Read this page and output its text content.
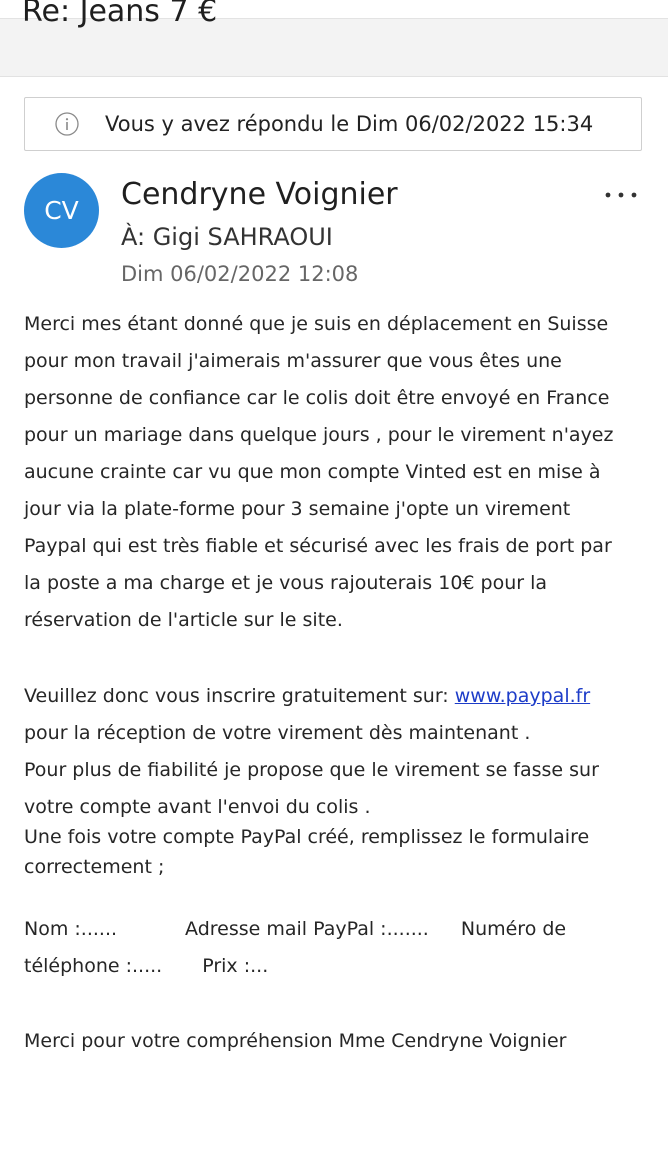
Re: Jeans 7 €
Vous y avez répondu le Dim 06/02/2022 15:34
CV Cendryne Voignier
À: Gigi SAHRAOUI
Dim 06/02/2022 12:08
Merci mes étant donné que je suis en déplacement en Suisse
pour mon travail j'aimerais m'assurer que vous êtes une
personne de confiance car le colis doit être envoyé en France
pour un mariage dans quelque jours , pour le virement n'ayez
aucune crainte car vu que mon compte Vinted est en mise à
jour via la plate-forme pour 3 semaine j'opte un virement
Paypal qui est très fiable et sécurisé avec les frais de port par
la poste a ma charge et je vous rajouterais 10€ pour la
réservation de l'article sur le site.
Veuillez donc vous inscrire gratuitement sur: www.paypal.fr
pour la réception de votre virement dès maintenant .
Pour plus de fiabilité je propose que le virement se fasse sur
votre compte avant l'envoi du colis .
Une fois votre compte PayPal créé, remplissez le formulaire
correctement ;
Nom :......	Adresse mail PayPal :....... Numéro de
téléphone :..... Prix :...
Merci pour votre compréhension Mme Cendryne Voignier
